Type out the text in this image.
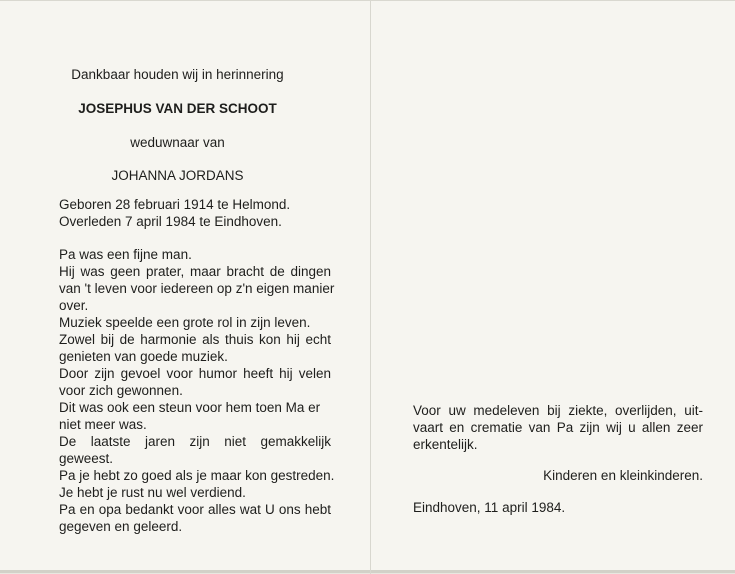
Dankbaar houden wij in herinnering
JOSEPHUS VAN DER SCHOOT
weduwnaar van
JOHANNA JORDANS
Geboren 28 februari 1914 te Helmond.
Overleden 7 april 1984 te Eindhoven.
Pa was een fijne man.
Hij was geen prater, maar bracht de dingen
van 't leven voor iedereen op z'n eigen manier
over.
Muziek speelde een grote rol in zijn leven.
Zowel bij de harmonie als thuis kon hij echt
genieten van goede muziek.
Door zijn gevoel voor humor heeft hij velen
voor zich gewonnen.
Dit was ook een steun voor hem toen Ma er
niet meer was.
De laatste jaren zijn niet gemakkelijk
geweest.
Pa je hebt zo goed als je maar kon gestreden.
Je hebt je rust nu wel verdiend.
Pa en opa bedankt voor alles wat U ons hebt
gegeven en geleerd.
Voor uw medeleven bij ziekte, overlijden, uit-
vaart en crematie van Pa zijn wij u allen zeer
erkentelijk.
Kinderen en kleinkinderen.
Eindhoven, 11 april 1984.
